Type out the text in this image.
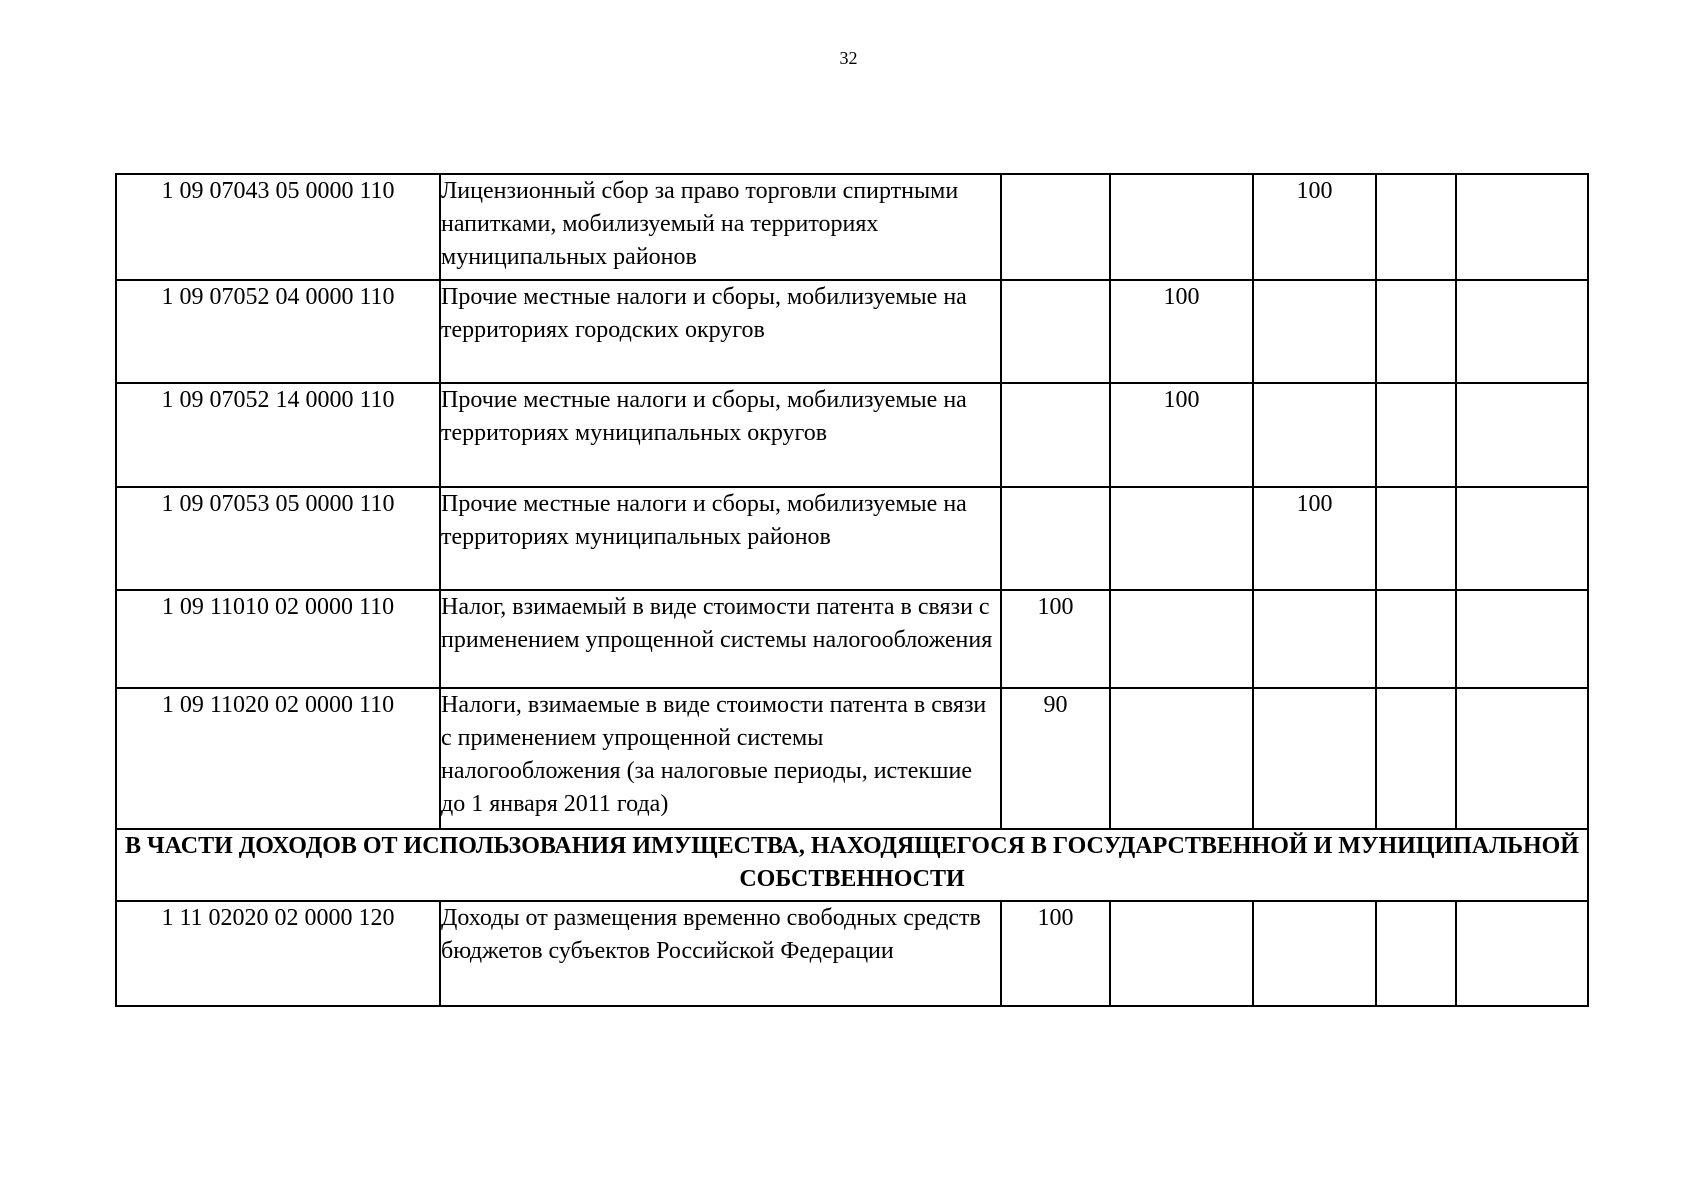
32
1 09 07043 05 0000 110	Лицензионный сбор за право торговли спиртными напитками, мобилизуемый на территориях муниципальных районов			100		
1 09 07052 04 0000 110	Прочие местные налоги и сборы, мобилизуемые на территориях городских округов		100			
1 09 07052 14 0000 110	Прочие местные налоги и сборы, мобилизуемые на территориях муниципальных округов		100			
1 09 07053 05 0000 110	Прочие местные налоги и сборы, мобилизуемые на территориях муниципальных районов			100		
1 09 11010 02 0000 110	Налог, взимаемый в виде стоимости патента в связи с применением упрощенной системы налогообложения	100				
1 09 11020 02 0000 110	Налоги, взимаемые в виде стоимости патента в связи с применением упрощенной системы налогообложения (за налоговые периоды, истекшие до 1 января 2011 года)	90				
В ЧАСТИ ДОХОДОВ ОТ ИСПОЛЬЗОВАНИЯ ИМУЩЕСТВА, НАХОДЯЩЕГОСЯ В ГОСУДАРСТВЕННОЙ И МУНИЦИПАЛЬНОЙ СОБСТВЕННОСТИ						
1 11 02020 02 0000 120	Доходы от размещения временно свободных средств бюджетов субъектов Российской Федерации	100				
